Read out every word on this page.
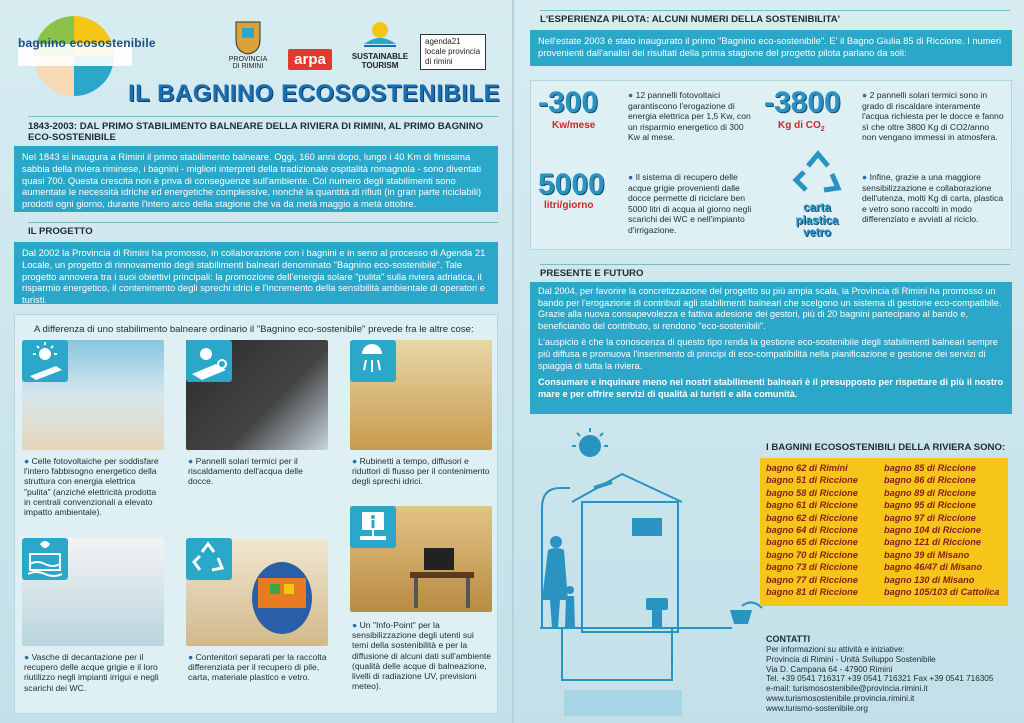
bagnino ecosostenibile
PROVINCIA DI RIMINI	arpa	SUSTAINABLE TOURISM
agenda21 locale provincia di rimini
IL BAGNINO ECOSOSTENIBILE
1843-2003: DAL PRIMO STABILIMENTO BALNEARE DELLA RIVIERA DI RIMINI, AL PRIMO BAGNINO ECO-SOSTENIBILE
Nel 1843 si inaugura a Rimini il primo stabilimento balneare. Oggi, 160 anni dopo, lungo i 40 Km di finissima sabbia della riviera riminese, i bagnini - migliori interpreti della tradizionale ospitalità romagnola - sono diventati quasi 700. Questa crescita non è priva di conseguenze sull'ambiente. Col numero degli stabilimenti sono aumentate le necessità idriche ed energetiche complessive, nonché la quantità di rifiuti (in gran parte riciclabili) prodotti ogni giorno, durante l'intero arco della stagione che va da metà maggio a metà ottobre.
IL PROGETTO
Dal 2002 la Provincia di Rimini ha promosso, in collaborazione con i bagnini e in seno al processo di Agenda 21 Locale, un progetto di rinnovamento degli stabilimenti balneari denominato "Bagnino eco-sostenibile". Tale progetto annovera tra i suoi obiettivi principali: la promozione dell'energia solare "pulita" sulla riviera adriatica, il risparmio energetico, il contenimento degli sprechi idrici e l'incremento della sensibilità ambientale di operatori e turisti.
A differenza di uno stabilimento balneare ordinario il "Bagnino eco-sostenibile" prevede fra le altre cose:
● Celle fotovoltaiche per soddisfare l'intero fabbisogno energetico della struttura con energia elettrica "pulita" (anziché elettricità prodotta in centrali convenzionali a elevato impatto ambientale).
● Pannelli solari termici per il riscaldamento dell'acqua delle docce.
● Rubinetti a tempo, diffusori e riduttori di flusso per il contenimento degli sprechi idrici.
● Vasche di decantazione per il recupero delle acque grigie e il loro riutilizzo negli impianti irrigui e negli scarichi dei WC.
● Contenitori separati per la raccolta differenziata per il recupero di pile, carta, materiale plastico e vetro.
● Un "Info-Point" per la sensibilizzazione degli utenti sui temi della sostenibilità e per la diffusione di alcuni dati sull'ambiente (qualità delle acque di balneazione, livelli di radiazione UV, previsioni meteo).
L'ESPERIENZA PILOTA: ALCUNI NUMERI DELLA SOSTENIBILITA'
Nell'estate 2003 è stato inaugurato il primo "Bagnino eco-sostenibile". E' il Bagno Giulia 85 di Riccione. I numeri provenienti dall'analisi dei risultati della prima stagione del progetto pilota parlano da soli:
-300
Kw/mese
● 12 pannelli fotovoltaici garantiscono l'erogazione di energia elettrica per 1,5 Kw, con un risparmio energetico di 300 Kw al mese.
-3800
Kg di $CO_2$
● 2 pannelli solari termici sono in grado di riscaldare interamente l'acqua richiesta per le docce e fanno sì che oltre 3800 Kg di CO2/anno non vengano immessi in atmosfera.
5000
litri/giorno
● Il sistema di recupero delle acque grigie provenienti dalle docce permette di riciclare ben 5000 litri di acqua al giorno negli scarichi dei WC e nell'impianto d'irrigazione.
carta plastica vetro
● Infine, grazie a una maggiore sensibilizzazione e collaborazione dell'utenza, molti Kg di carta, plastica e vetro sono raccolti in modo differenziato e avviati al riciclo.
PRESENTE E FUTURO
Dal 2004, per favorire la concretizzazione del progetto su più ampia scala, la Provincia di Rimini ha promosso un bando per l'erogazione di contributi agli stabilimenti balneari che scelgono un sistema di gestione eco-compatibile. Grazie alla nuova consapevolezza e fattiva adesione dei gestori, più di 20 bagnini partecipano al bando e, beneficiando del contributo, si rendono "eco-sostenibili".
L'auspicio è che la conoscenza di questo tipo renda la gestione eco-sostenibile degli stabilimenti balneari sempre più diffusa e promuova l'inserimento di principi di eco-compatibilità nella pianificazione e gestione dei servizi di spiaggia di tutta la riviera.
Consumare e inquinare meno nei nostri stabilimenti balneari è il presupposto per rispettare di più il nostro mare e per offrire servizi di qualità ai turisti e alla comunità.
I BAGNINI ECOSOSTENIBILI DELLA RIVIERA SONO:
bagno 62 di Rimini
bagno 51 di Riccione
bagno 58 di Riccione
bagno 61 di Riccione
bagno 62 di Riccione
bagno 64 di Riccione
bagno 65 di Riccione
bagno 70 di Riccione
bagno 73 di Riccione
bagno 77 di Riccione
bagno 81 di Riccione
bagno 85 di Riccione
bagno 86 di Riccione
bagno 89 di Riccione
bagno 95 di Riccione
bagno 97 di Riccione
bagno 104 di Riccione
bagno 121 di Riccione
bagno 39 di Misano
bagno 46/47 di Misano
bagno 130 di Misano
bagno 105/103 di Cattolica
CONTATTI
Per informazioni su attività e iniziative:
Provincia di Rimini - Unità Sviluppo Sostenibile
Via D. Campana 64 - 47900 Rimini
Tel. +39 0541 716317 +39 0541 716321 Fax +39 0541 716305
e-mail: turismosostenibile@provincia.rimini.it
www.turismosostenibile.provincia.rimini.it
www.turismo-sostenibile.org
